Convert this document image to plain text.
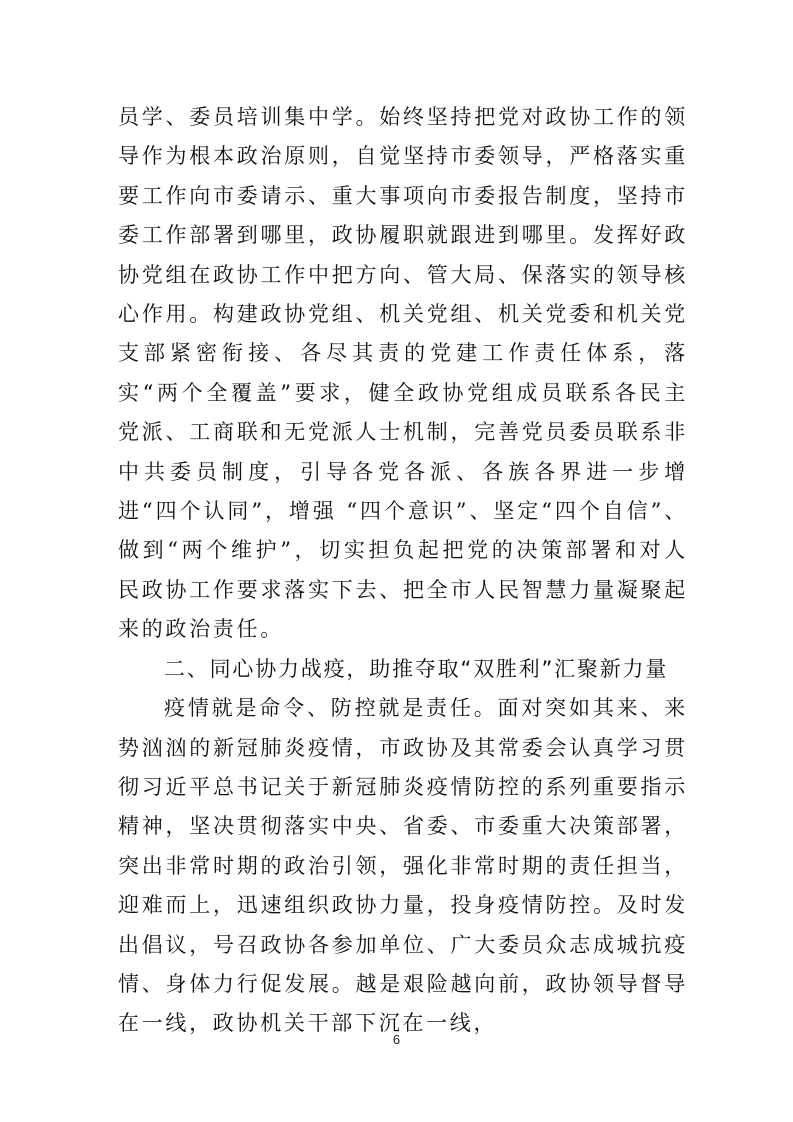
员学、委员培训集中学。始终坚持把党对政协工作的领导作为根本政治原则，自觉坚持市委领导，严格落实重要工作向市委请示、重大事项向市委报告制度，坚持市委工作部署到哪里，政协履职就跟进到哪里。发挥好政协党组在政协工作中把方向、管大局、保落实的领导核心作用。构建政协党组、机关党组、机关党委和机关党支部紧密衔接、各尽其责的党建工作责任体系，落实“两个全覆盖”要求，健全政协党组成员联系各民主党派、工商联和无党派人士机制，完善党员委员联系非中共委员制度，引导各党各派、各族各界进一步增进“四个认同”，增强 “四个意识”、坚定“四个自信”、做到“两个维护”，切实担负起把党的决策部署和对人民政协工作要求落实下去、把全市人民智慧力量凝聚起来的政治责任。

二、同心协力战疫，助推夺取“双胜利”汇聚新力量

疫情就是命令、防控就是责任。面对突如其来、来势汹汹的新冠肺炎疫情，市政协及其常委会认真学习贯彻习近平总书记关于新冠肺炎疫情防控的系列重要指示精神，坚决贯彻落实中央、省委、市委重大决策部署，突出非常时期的政治引领，强化非常时期的责任担当，迎难而上，迅速组织政协力量，投身疫情防控。及时发出倡议，号召政协各参加单位、广大委员众志成城抗疫情、身体力行促发展。越是艰险越向前，政协领导督导在一线，政协机关干部下沉在一线，

6
